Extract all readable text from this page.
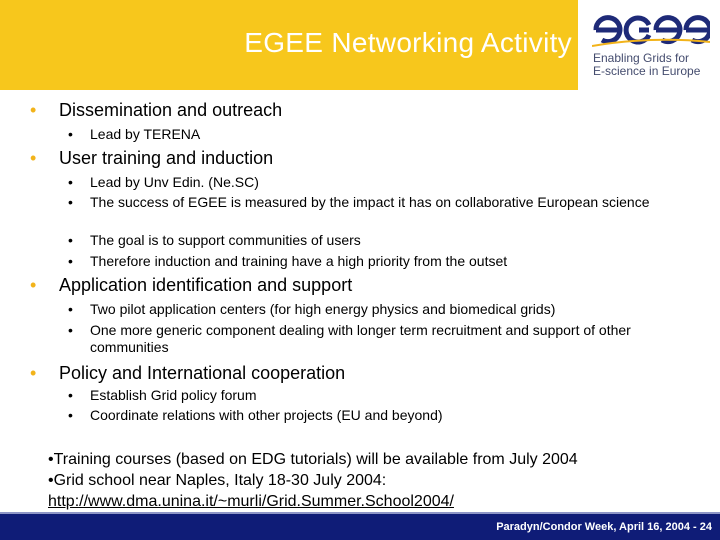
EGEE Networking Activity Enabling Grids for
E-science in Europe
• Dissemination and outreach
• Lead by TERENA
• User training and induction
• Lead by Unv Edin. (Ne.SC)
• The success of EGEE is measured by the impact it has on collaborative European science
• The goal is to support communities of users
• Therefore induction and training have a high priority from the outset
• Application identification and support
• Two pilot application centers (for high energy physics and biomedical grids)
• One more generic component dealing with longer term recruitment and support of other communities
• Policy and International cooperation
• Establish Grid policy forum
• Coordinate relations with other projects (EU and beyond)
•Training courses (based on EDG tutorials) will be available from July 2004
•Grid school near Naples, Italy 18-30 July 2004:
http://www.dma.unina.it/~murli/Grid.Summer.School2004/
Paradyn/Condor Week, April 16, 2004 - 24
